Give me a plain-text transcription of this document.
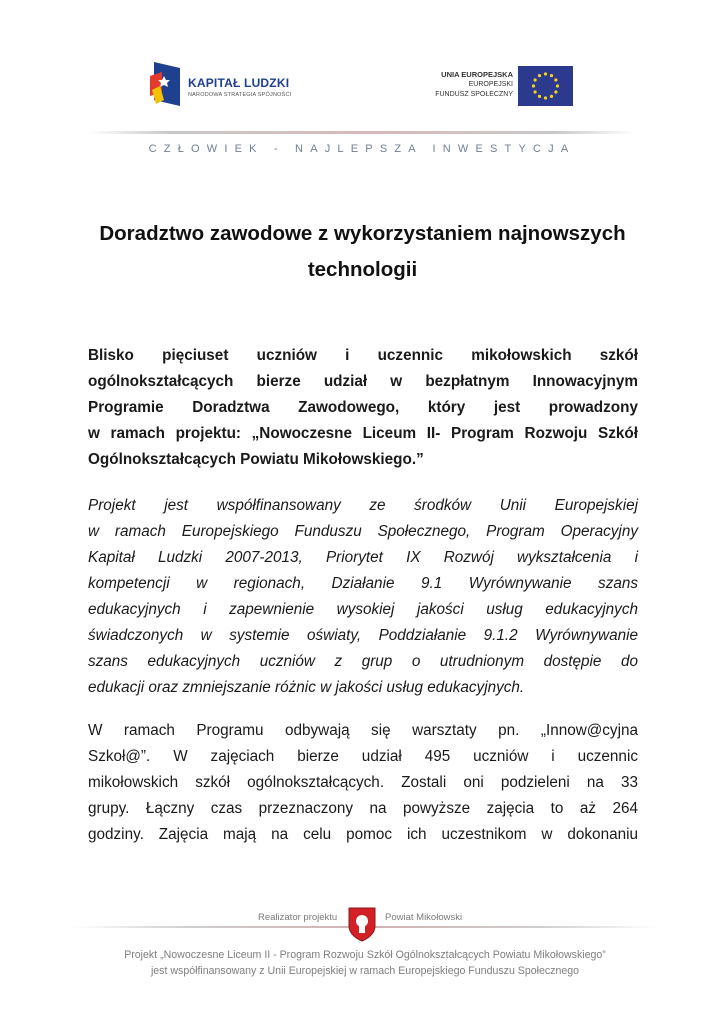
KAPITAŁ LUDZKI
NARODOWA STRATEGIA SPÓJNOŚCI
UNIA EUROPEJSKA
EUROPEJSKI
FUNDUSZ SPOŁECZNY
CZŁOWIEK - NAJLEPSZA INWESTYCJA
Doradztwo zawodowe z wykorzystaniem najnowszych
technologii
Blisko pięciuset uczniów i uczennic mikołowskich szkół
ogólnokształcących bierze udział w bezpłatnym Innowacyjnym
Programie Doradztwa Zawodowego, który jest prowadzony
w ramach projektu: „Nowoczesne Liceum II- Program Rozwoju Szkół
Ogólnokształcących Powiatu Mikołowskiego.”
Projekt jest współfinansowany ze środków Unii Europejskiej
w ramach Europejskiego Funduszu Społecznego, Program Operacyjny
Kapitał Ludzki 2007-2013, Priorytet IX Rozwój wykształcenia i
kompetencji w regionach, Działanie 9.1 Wyrównywanie szans
edukacyjnych i zapewnienie wysokiej jakości usług edukacyjnych
świadczonych w systemie oświaty, Poddziałanie 9.1.2 Wyrównywanie
szans edukacyjnych uczniów z grup o utrudnionym dostępie do
edukacji oraz zmniejszanie różnic w jakości usług edukacyjnych.
W ramach Programu odbywają się warsztaty pn. „Innow@cyjna
Szkoł@”. W zajęciach bierze udział 495 uczniów i uczennic
mikołowskich szkół ogólnokształcących. Zostali oni podzieleni na 33
grupy. Łączny czas przeznaczony na powyższe zajęcia to aż 264
godziny. Zajęcia mają na celu pomoc ich uczestnikom w dokonaniu
Realizator projektu	Powiat Mikołowski
Projekt „Nowoczesne Liceum II - Program Rozwoju Szkół Ogólnokształcących Powiatu Mikołowskiego”
jest współfinansowany z Unii Europejskiej w ramach Europejskiego Funduszu Społecznego
